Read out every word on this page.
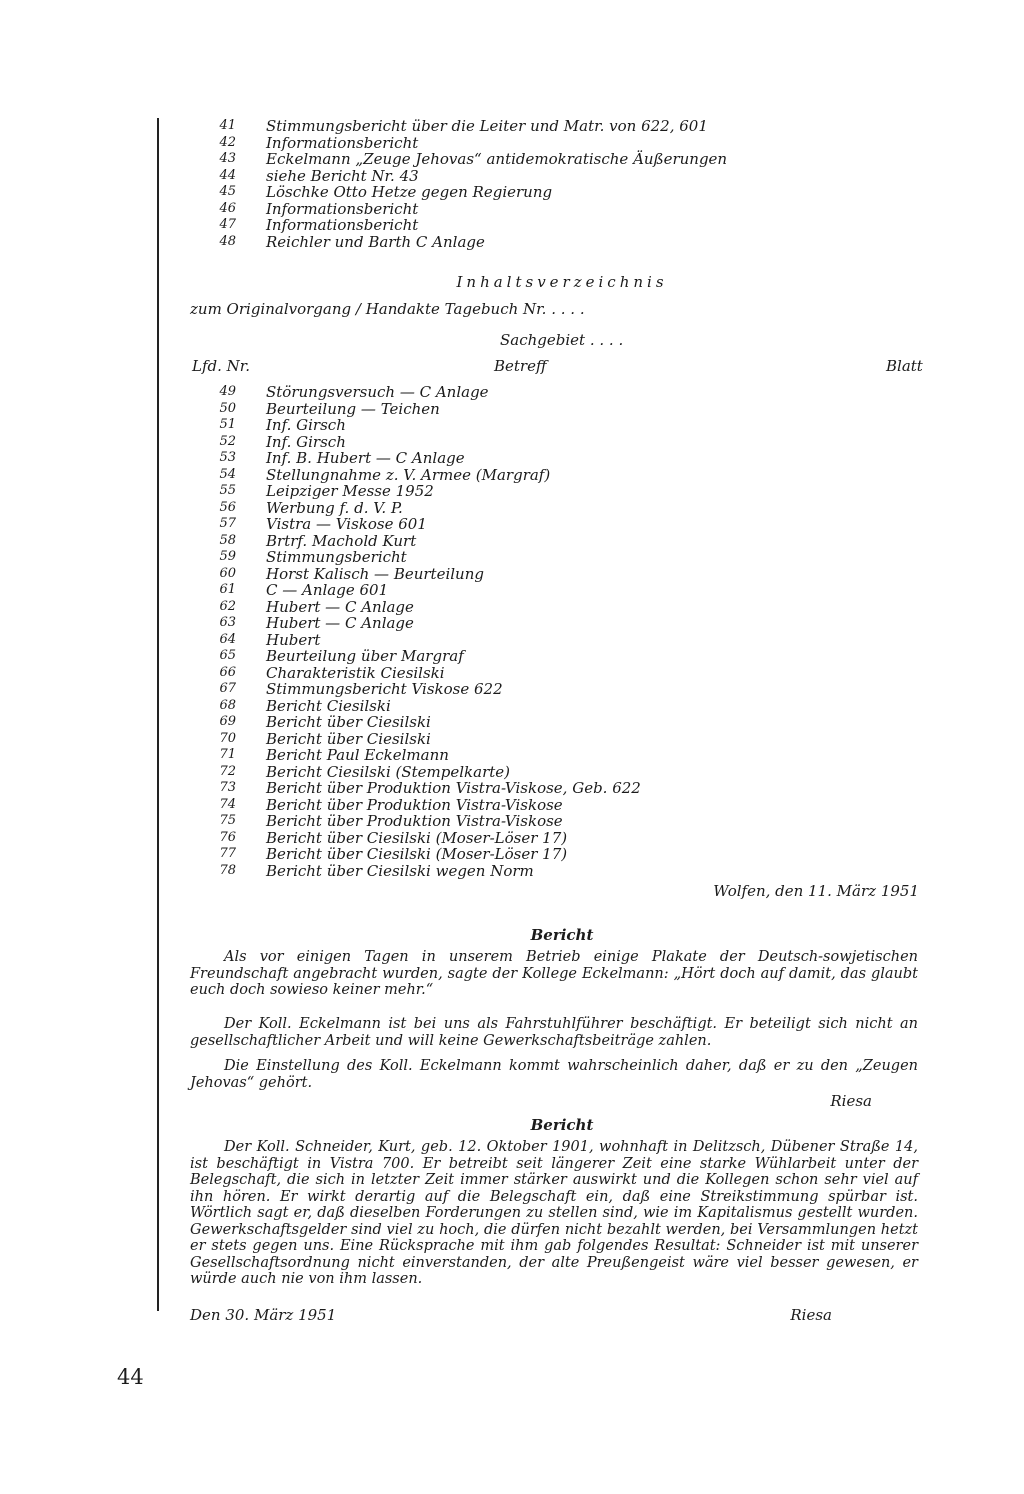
41 Stimmungsbericht über die Leiter und Matr. von 622, 601
42 Informationsbericht
43 Eckelmann „Zeuge Jehovas“ antidemokratische Äußerungen
44 siehe Bericht Nr. 43
45 Löschke Otto Hetze gegen Regierung
46 Informationsbericht
47 Informationsbericht
48 Reichler und Barth C Anlage
Inhaltsverzeichnis
zum Originalvorgang / Handakte Tagebuch Nr. . . . .
Sachgebiet . . . .
Lfd. Nr.	Betreff	Blatt
49 Störungsversuch — C Anlage
50 Beurteilung — Teichen
51 Inf. Girsch
52 Inf. Girsch
53 Inf. B. Hubert — C Anlage
54 Stellungnahme z. V. Armee (Margraf)
55 Leipziger Messe 1952
56 Werbung f. d. V. P.
57 Vistra — Viskose 601
58 Brtrf. Machold Kurt
59 Stimmungsbericht
60 Horst Kalisch — Beurteilung
61 C — Anlage 601
62 Hubert — C Anlage
63 Hubert — C Anlage
64 Hubert
65 Beurteilung über Margraf
66 Charakteristik Ciesilski
67 Stimmungsbericht Viskose 622
68 Bericht Ciesilski
69 Bericht über Ciesilski
70 Bericht über Ciesilski
71 Bericht Paul Eckelmann
72 Bericht Ciesilski (Stempelkarte)
73 Bericht über Produktion Vistra-Viskose, Geb. 622
74 Bericht über Produktion Vistra-Viskose
75 Bericht über Produktion Vistra-Viskose
76 Bericht über Ciesilski (Moser-Löser 17)
77 Bericht über Ciesilski (Moser-Löser 17)
78 Bericht über Ciesilski wegen Norm
Wolfen, den 11. März 1951
Bericht
Als vor einigen Tagen in unserem Betrieb einige Plakate der Deutsch-sowjetischen Freundschaft angebracht wurden, sagte der Kollege Eckelmann: „Hört doch auf damit, das glaubt euch doch sowieso keiner mehr.“
Der Koll. Eckelmann ist bei uns als Fahrstuhlführer beschäftigt. Er beteiligt sich nicht an gesellschaftlicher Arbeit und will keine Gewerkschaftsbeiträge zahlen.
Die Einstellung des Koll. Eckelmann kommt wahrscheinlich daher, daß er zu den „Zeugen Jehovas“ gehört.
Riesa
Bericht
Der Koll. Schneider, Kurt, geb. 12. Oktober 1901, wohnhaft in Delitzsch, Dübener Straße 14, ist beschäftigt in Vistra 700. Er betreibt seit längerer Zeit eine starke Wühlarbeit unter der Belegschaft, die sich in letzter Zeit immer stärker auswirkt und die Kollegen schon sehr viel auf ihn hören. Er wirkt derartig auf die Belegschaft ein, daß eine Streikstimmung spürbar ist. Wörtlich sagt er, daß dieselben Forderungen zu stellen sind, wie im Kapitalismus gestellt wurden. Gewerkschaftsgelder sind viel zu hoch, die dürfen nicht bezahlt werden, bei Versammlungen hetzt er stets gegen uns. Eine Rücksprache mit ihm gab folgendes Resultat: Schneider ist mit unserer Gesellschaftsordnung nicht einverstanden, der alte Preußengeist wäre viel besser gewesen, er würde auch nie von ihm lassen.
Den 30. März 1951	Riesa
44
